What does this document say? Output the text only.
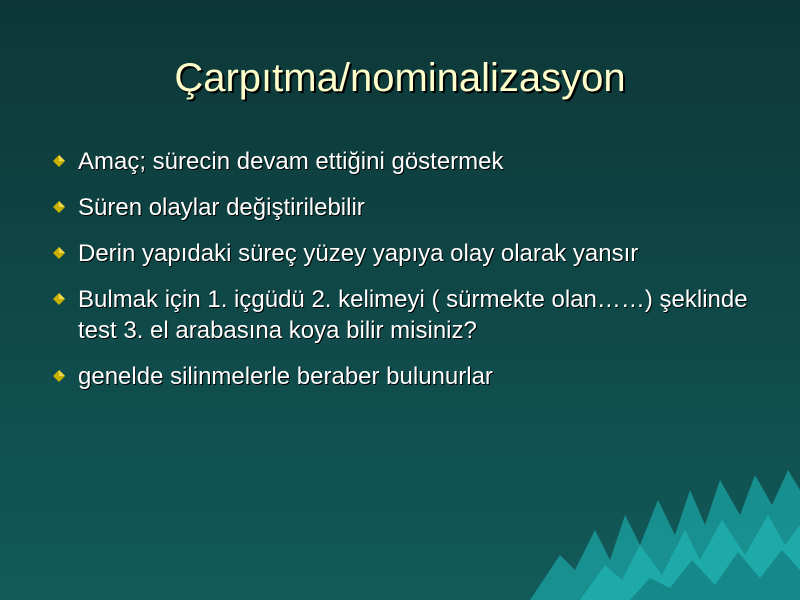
Çarpıtma/nominalizasyon
Amaç; sürecin devam ettiğini göstermek
Süren olaylar değiştirilebilir
Derin yapıdaki süreç yüzey yapıya olay olarak yansır
Bulmak için 1. içgüdü 2. kelimeyi ( sürmekte olan……) şeklinde test 3. el arabasına koya bilir misiniz?
genelde silinmelerle beraber bulunurlar
